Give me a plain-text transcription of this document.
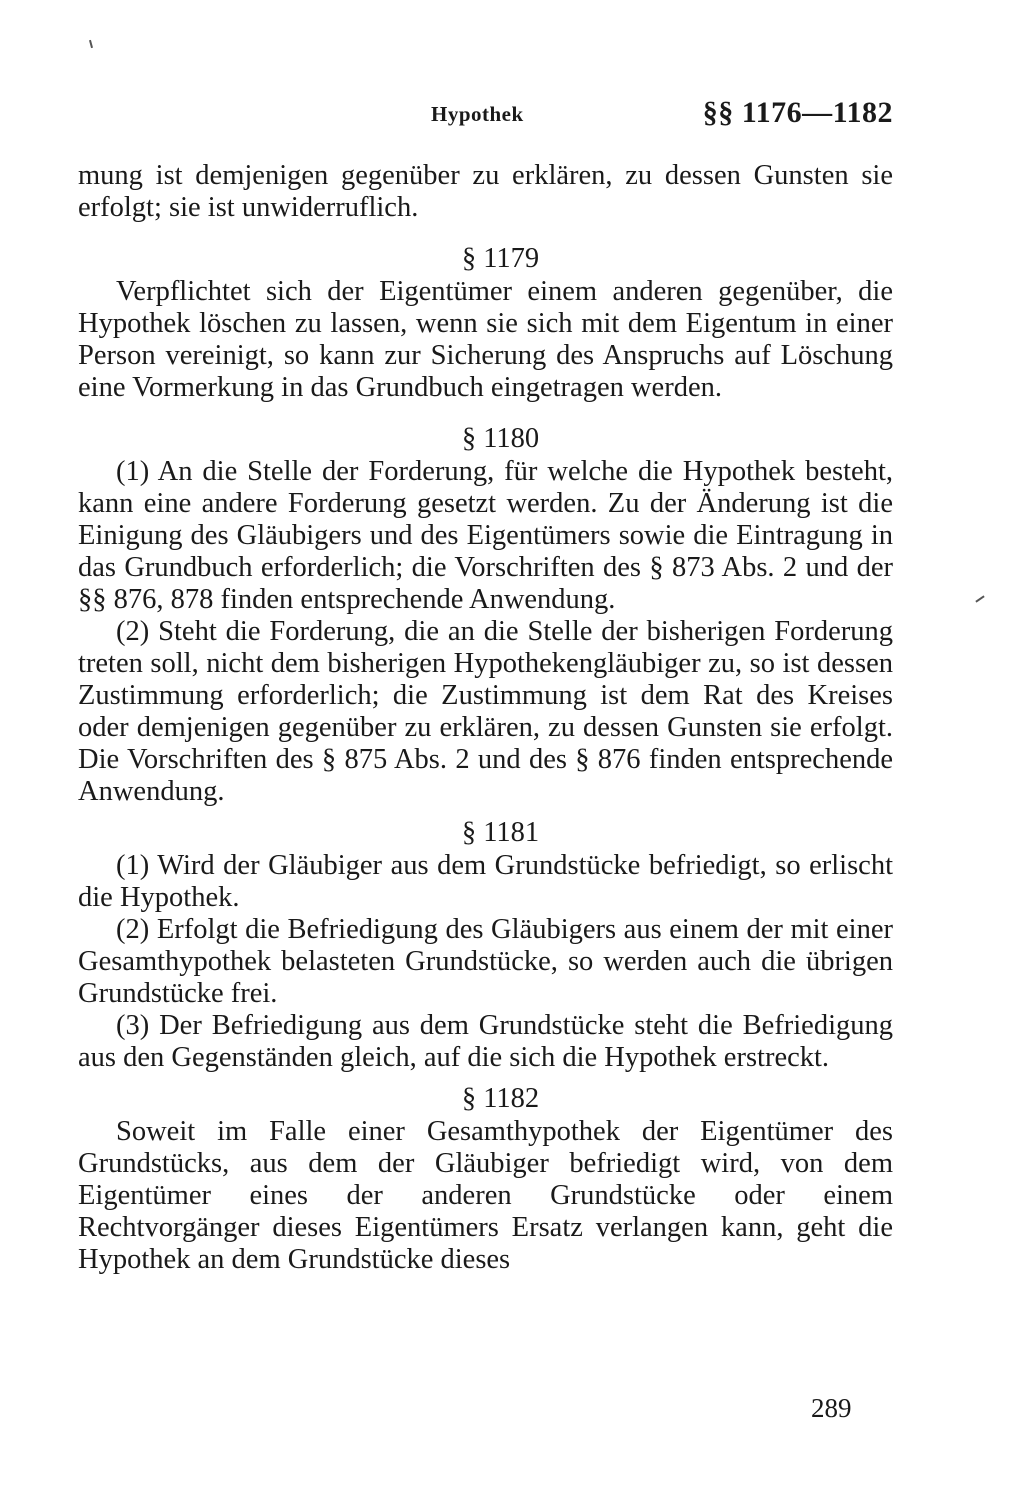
Hypothek	§§ 1176—1182

mung ist demjenigen gegenüber zu erklären, zu dessen Gunsten sie erfolgt; sie ist unwiderruflich.

§ 1179

Verpflichtet sich der Eigentümer einem anderen gegenüber, die Hypothek löschen zu lassen, wenn sie sich mit dem Eigentum in einer Person vereinigt, so kann zur Sicherung des Anspruchs auf Löschung eine Vormerkung in das Grundbuch eingetragen werden.

§ 1180

(1) An die Stelle der Forderung, für welche die Hypothek besteht, kann eine andere Forderung gesetzt werden. Zu der Änderung ist die Einigung des Gläubigers und des Eigentümers sowie die Eintragung in das Grundbuch erforderlich; die Vorschriften des § 873 Abs. 2 und der §§ 876, 878 finden entsprechende Anwendung.

(2) Steht die Forderung, die an die Stelle der bisherigen Forderung treten soll, nicht dem bisherigen Hypothekengläubiger zu, so ist dessen Zustimmung erforderlich; die Zustimmung ist dem Rat des Kreises oder demjenigen gegenüber zu erklären, zu dessen Gunsten sie erfolgt. Die Vorschriften des § 875 Abs. 2 und des § 876 finden entsprechende Anwendung.

§ 1181

(1) Wird der Gläubiger aus dem Grundstücke befriedigt, so erlischt die Hypothek.

(2) Erfolgt die Befriedigung des Gläubigers aus einem der mit einer Gesamthypothek belasteten Grundstücke, so werden auch die übrigen Grundstücke frei.

(3) Der Befriedigung aus dem Grundstücke steht die Befriedigung aus den Gegenständen gleich, auf die sich die Hypothek erstreckt.

§ 1182

Soweit im Falle einer Gesamthypothek der Eigentümer des Grundstücks, aus dem der Gläubiger befriedigt wird, von dem Eigentümer eines der anderen Grundstücke oder einem Rechtvorgänger dieses Eigentümers Ersatz verlangen kann, geht die Hypothek an dem Grundstücke dieses

289
